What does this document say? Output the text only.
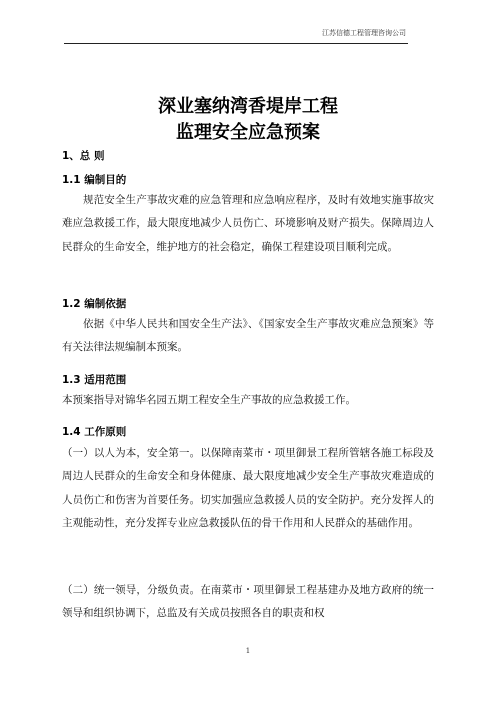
江苏信德工程管理咨询公司
深业塞纳湾香堤岸工程
监理安全应急预案
1、总 则
1.1 编制目的
规范安全生产事故灾难的应急管理和应急响应程序，及时有效地实施事故灾难应急救援工作，最大限度地减少人员伤亡、环境影响及财产损失。保障周边人民群众的生命安全，维护地方的社会稳定，确保工程建设项目顺利完成。
1.2 编制依据
依据《中华人民共和国安全生产法》、《国家安全生产事故灾难应急预案》等有关法律法规编制本预案。
1.3 适用范围
本预案指导对锦华名园五期工程安全生产事故的应急救援工作。
1.4 工作原则
（一）以人为本，安全第一。以保障南菜市・项里御景工程所管辖各施工标段及周边人民群众的生命安全和身体健康、最大限度地减少安全生产事故灾难造成的人员伤亡和伤害为首要任务。切实加强应急救援人员的安全防护。充分发挥人的主观能动性，充分发挥专业应急救援队伍的骨干作用和人民群众的基础作用。
（二）统一领导，分级负责。在南菜市・项里御景工程基建办及地方政府的统一领导和组织协调下，总监及有关成员按照各自的职责和权
1
